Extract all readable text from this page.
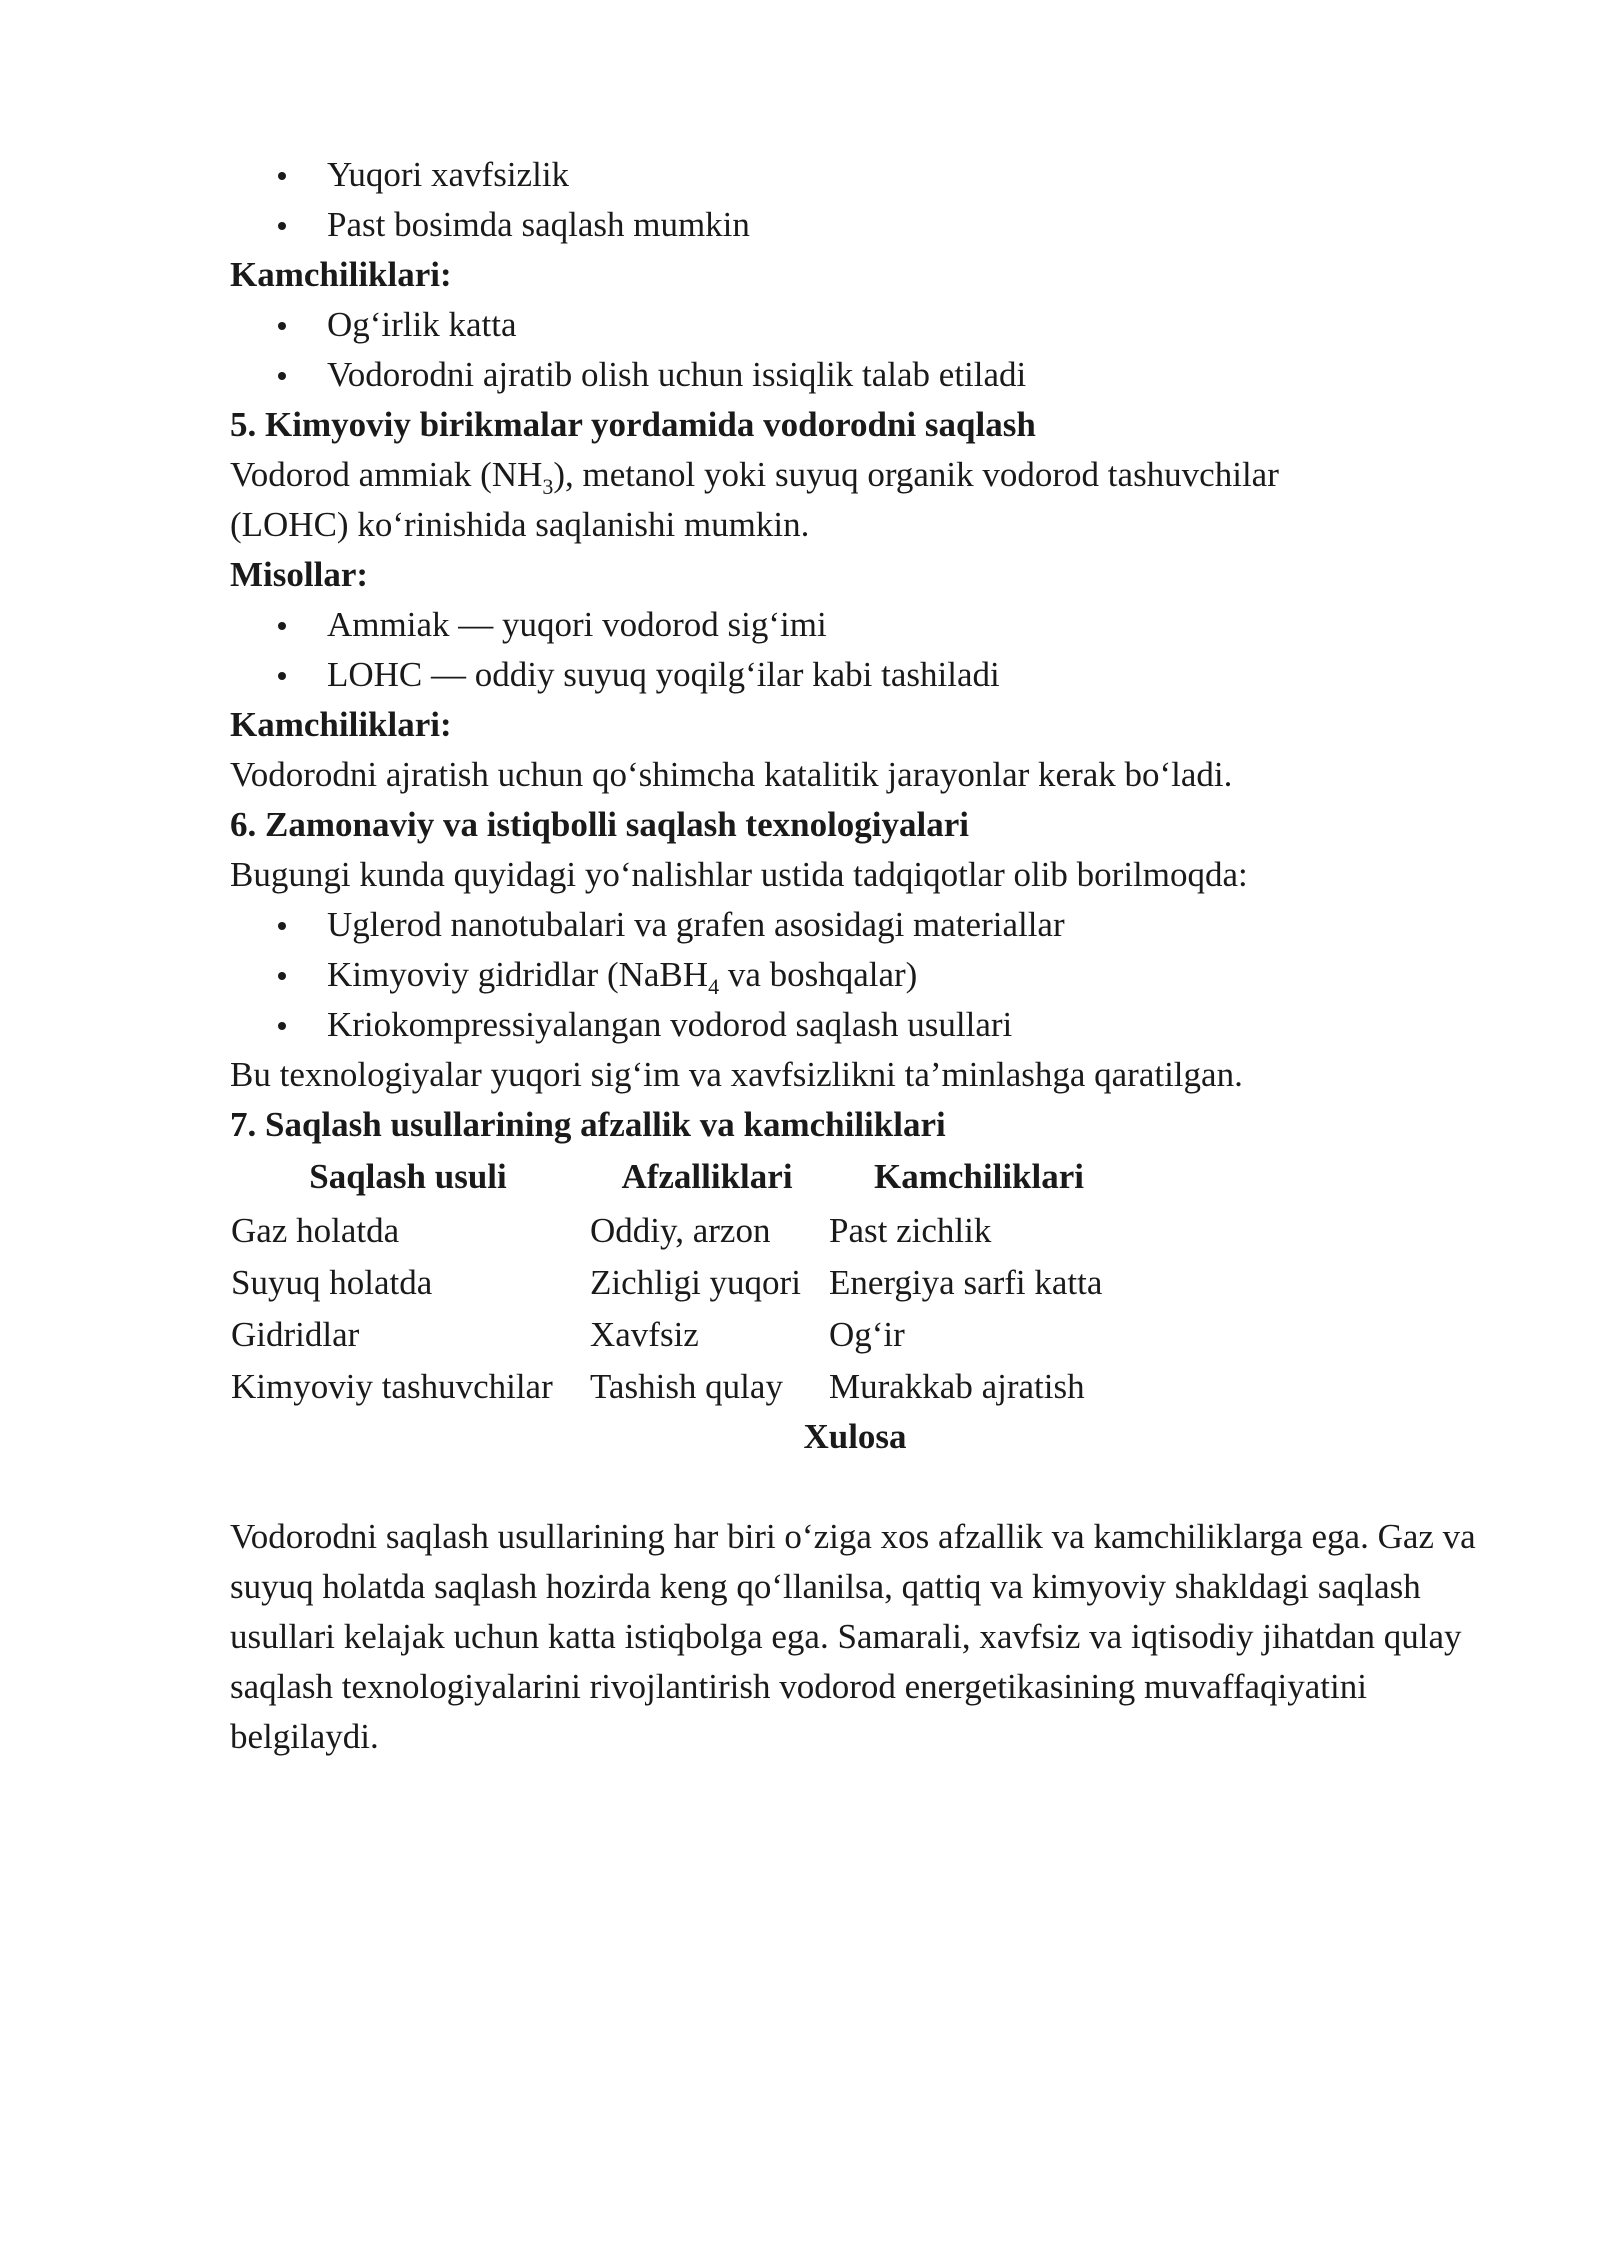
Yuqori xavfsizlik
Past bosimda saqlash mumkin

Kamchiliklari:

Og‘irlik katta
Vodorodni ajratib olish uchun issiqlik talab etiladi

5. Kimyoviy birikmalar yordamida vodorodni saqlash

Vodorod ammiak $(NH_3)$, metanol yoki suyuq organik vodorod tashuvchilar

(LOHC) ko‘rinishida saqlanishi mumkin.

Misollar:

Ammiak — yuqori vodorod sig‘imi
LOHC — oddiy suyuq yoqilg‘ilar kabi tashiladi

Kamchiliklari:

Vodorodni ajratish uchun qo‘shimcha katalitik jarayonlar kerak bo‘ladi.

6. Zamonaviy va istiqbolli saqlash texnologiyalari

Bugungi kunda quyidagi yo‘nalishlar ustida tadqiqotlar olib borilmoqda:

Uglerod nanotubalari va grafen asosidagi materiallar
Kimyoviy gidridlar (NaBH$_4$ va boshqalar)
Kriokompressiyalangan vodorod saqlash usullari

Bu texnologiyalar yuqori sig‘im va xavfsizlikni ta’minlashga qaratilgan.

7. Saqlash usullarining afzallik va kamchiliklari

Saqlash usuli	Afzalliklari	Kamchiliklari
Gaz holatda	Oddiy, arzon	Past zichlik
Suyuq holatda	Zichligi yuqori	Energiya sarfi katta
Gidridlar	Xavfsiz	Og‘ir
Kimyoviy tashuvchilar	Tashish qulay	Murakkab ajratish

Xulosa

Vodorodni saqlash usullarining har biri o‘ziga xos afzallik va kamchiliklarga ega. Gaz va suyuq holatda saqlash hozirda keng qo‘llanilsa, qattiq va kimyoviy shakldagi saqlash usullari kelajak uchun katta istiqbolga ega. Samarali, xavfsiz va iqtisodiy jihatdan qulay saqlash texnologiyalarini rivojlantirish vodorod energetikasining muvaffaqiyatini belgilaydi.
